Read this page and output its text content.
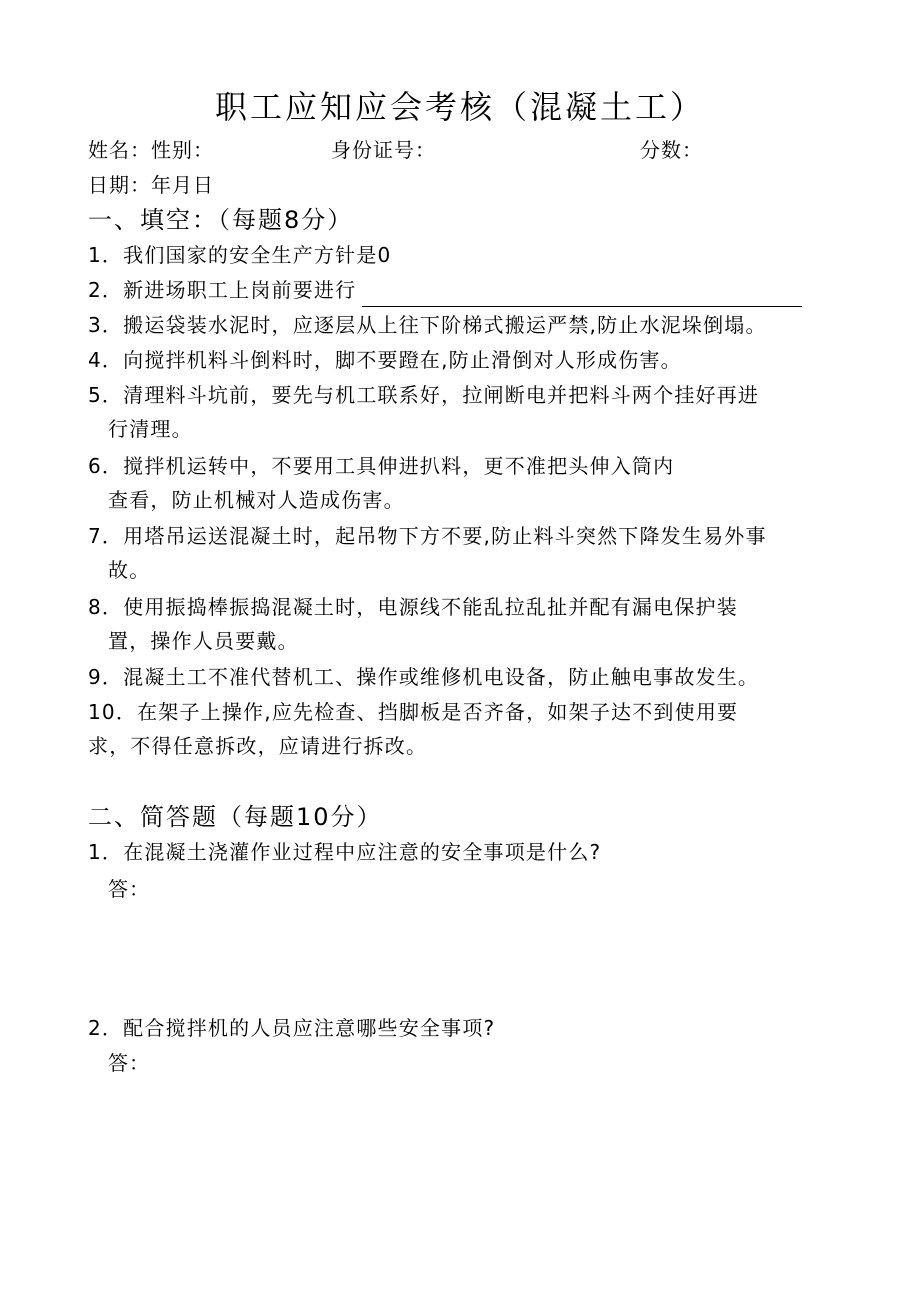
职工应知应会考核（混凝土工）
姓名：性别：	身份证号：	分数：
日期：年月日
一、填空：（每题8分）
1．我们国家的安全生产方针是0
2．新进场职工上岗前要进行
3．搬运袋装水泥时，应逐层从上往下阶梯式搬运严禁,防止水泥垛倒塌。
4．向搅拌机料斗倒料时，脚不要蹬在,防止滑倒对人形成伤害。
5．清理料斗坑前，要先与机工联系好，拉闸断电并把料斗两个挂好再进
行清理。
6．搅拌机运转中，不要用工具伸进扒料，更不准把头伸入筒内
查看，防止机械对人造成伤害。
7．用塔吊运送混凝土时，起吊物下方不要,防止料斗突然下降发生易外事
故。
8．使用振捣棒振捣混凝土时，电源线不能乱拉乱扯并配有漏电保护装
置，操作人员要戴。
9．混凝土工不准代替机工、操作或维修机电设备，防止触电事故发生。
10．在架子上操作,应先检查、挡脚板是否齐备，如架子达不到使用要
求，不得任意拆改，应请进行拆改。
二、简答题（每题10分）
1．在混凝土浇灌作业过程中应注意的安全事项是什么?
答：
2．配合搅拌机的人员应注意哪些安全事项?
答：
